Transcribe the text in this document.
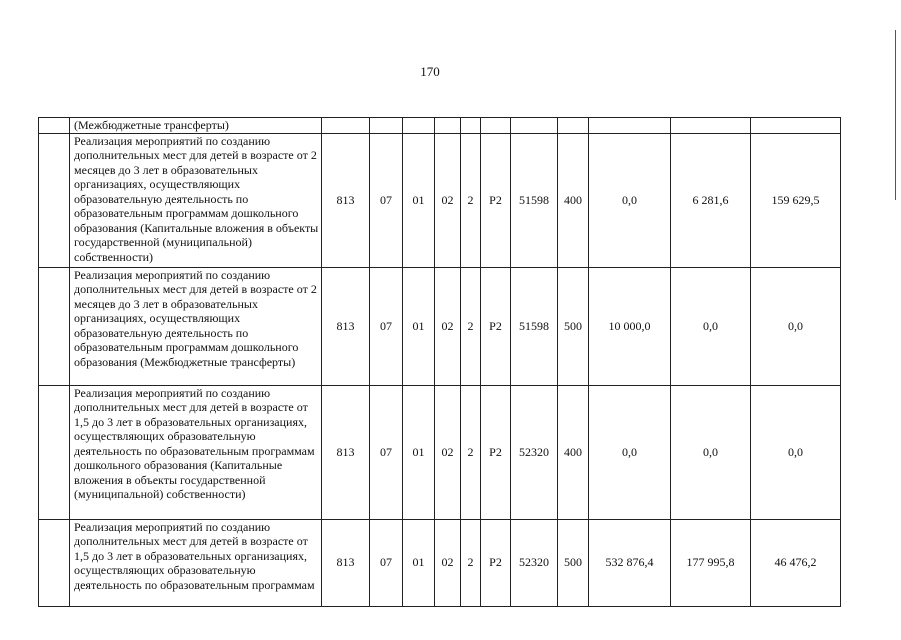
170
	(Межбюджетные трансферты)											
	Реализация мероприятий по созданию дополнительных мест для детей в возрасте от 2 месяцев до 3 лет в образовательных организациях, осуществляющих образовательную деятельность по образовательным программам дошкольного образования (Капитальные вложения в объекты государственной (муниципальной) собственности)	813	07	01	02	2	P2	51598	400	0,0	6 281,6	159 629,5
	Реализация мероприятий по созданию дополнительных мест для детей в возрасте от 2 месяцев до 3 лет в образовательных организациях, осуществляющих образовательную деятельность по образовательным программам дошкольного образования (Межбюджетные трансферты)	813	07	01	02	2	P2	51598	500	10 000,0	0,0	0,0
	Реализация мероприятий по созданию дополнительных мест для детей в возрасте от 1,5 до 3 лет в образовательных организациях, осуществляющих образовательную деятельность по образовательным программам дошкольного образования (Капитальные вложения в объекты государственной (муниципальной) собственности)	813	07	01	02	2	P2	52320	400	0,0	0,0	0,0
	Реализация мероприятий по созданию дополнительных мест для детей в возрасте от 1,5 до 3 лет в образовательных организациях, осуществляющих образовательную деятельность по образовательным программам	813	07	01	02	2	P2	52320	500	532 876,4	177 995,8	46 476,2
